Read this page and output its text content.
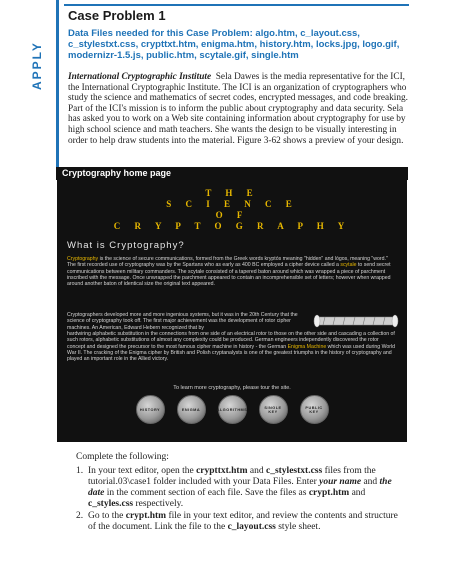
APPLY
Case Problem 1
Data Files needed for this Case Problem: algo.htm, c_layout.css, c_stylestxt.css, crypttxt.htm, enigma.htm, history.htm, locks.jpg, logo.gif, modernizr-1.5.js, public.htm, scytale.gif, single.htm
International Cryptographic Institute Sela Dawes is the media representative for the ICI, the International Cryptographic Institute. The ICI is an organization of cryptographers who study the science and mathematics of secret codes, encrypted messages, and code breaking. Part of the ICI's mission is to inform the public about cryptography and data security. Sela has asked you to work on a Web site containing information about cryptography for use by high school science and math teachers. She wants the design to be visually interesting in order to help draw students into the material. Figure 3-62 shows a preview of your design.
Cryptography home page
T H E
S C I E N C E
O F
C R Y P T O G R A P H Y
What is Cryptography?
Cryptography is the science of secure communications, formed from the Greek words kryptós meaning "hidden" and lógos, meaning "word." The first recorded use of cryptography was by the Spartans who as early as 400 BC employed a cipher device called a scytale to send secret communications between military commanders. The scytale consisted of a tapered baton around which was wrapped a piece of parchment inscribed with the message. Once unwrapped the parchment appeared to contain an incomprehensible set of letters; however when wrapped around another baton of identical size the original text appeared.
Cryptographers developed more and more ingenious systems, but it was in the 20th Century that the science of cryptography took off. The first major achievement was the development of rotor cipher machines. An American, Edward Hebern recognized that by
hardwiring alphabetic substitution in the connections from one side of an electrical rotor to those on the other side and cascading a collection of such rotors, alphabetic substitutions of almost any complexity could be produced. German engineers independently discovered the rotor concept and designed the precursor to the most famous cipher machine in history - the German Enigma Machine which was used during World War II. The cracking of the Enigma cipher by British and Polish cryptanalysts is one of the greatest triumphs in the history of cryptography and played an important role in the Allied victory.
To learn more cryptography, please tour the site.
HISTORY	ENIGMA	ALGORITHMS	SINGLE KEY
PUBLIC KEY
Complete the following:
1. In your text editor, open the crypttxt.htm and c_stylestxt.css files from the tutorial.03\case1 folder included with your Data Files. Enter your name and the date in the comment section of each file. Save the files as crypt.htm and c_styles.css respectively.
2. Go to the crypt.htm file in your text editor, and review the contents and structure of the document. Link the file to the c_layout.css style sheet.
